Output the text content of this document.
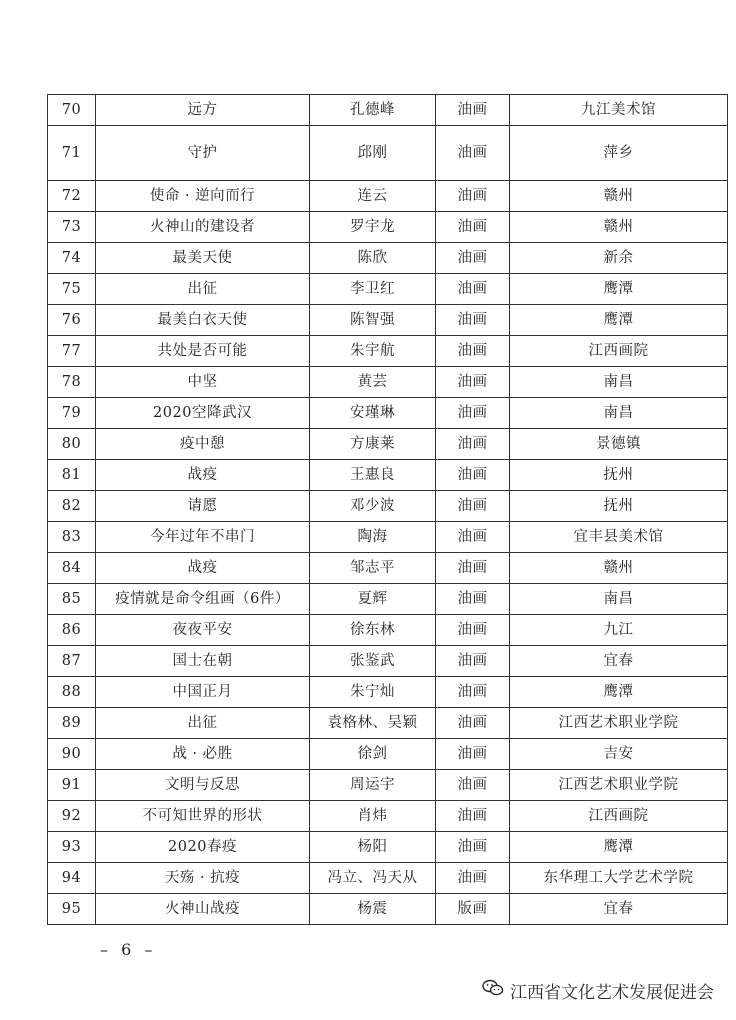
70	远方	孔德峰	油画	九江美术馆
71	守护	邱刚	油画	萍乡
72	使命 · 逆向而行	连云	油画	赣州
73	火神山的建设者	罗宇龙	油画	赣州
74	最美天使	陈欣	油画	新余
75	出征	李卫红	油画	鹰潭
76	最美白衣天使	陈智强	油画	鹰潭
77	共处是否可能	朱宇航	油画	江西画院
78	中坚	黄芸	油画	南昌
79	2020空降武汉	安瑾琳	油画	南昌
80	疫中憩	方康莱	油画	景德镇
81	战疫	王惠良	油画	抚州
82	请愿	邓少波	油画	抚州
83	今年过年不串门	陶海	油画	宜丰县美术馆
84	战疫	邹志平	油画	赣州
85	疫情就是命令组画（6件）	夏辉	油画	南昌
86	夜夜平安	徐东林	油画	九江
87	国士在朝	张鉴武	油画	宜春
88	中国正月	朱宁灿	油画	鹰潭
89	出征	袁格林、吴颖	油画	江西艺术职业学院
90	战 · 必胜	徐剑	油画	吉安
91	文明与反思	周运宇	油画	江西艺术职业学院
92	不可知世界的形状	肖炜	油画	江西画院
93	2020春疫	杨阳	油画	鹰潭
94	天殇 · 抗疫	冯立、冯天从	油画	东华理工大学艺术学院
95	火神山战疫	杨震	版画	宜春
– 6 –
江西省文化艺术发展促进会
